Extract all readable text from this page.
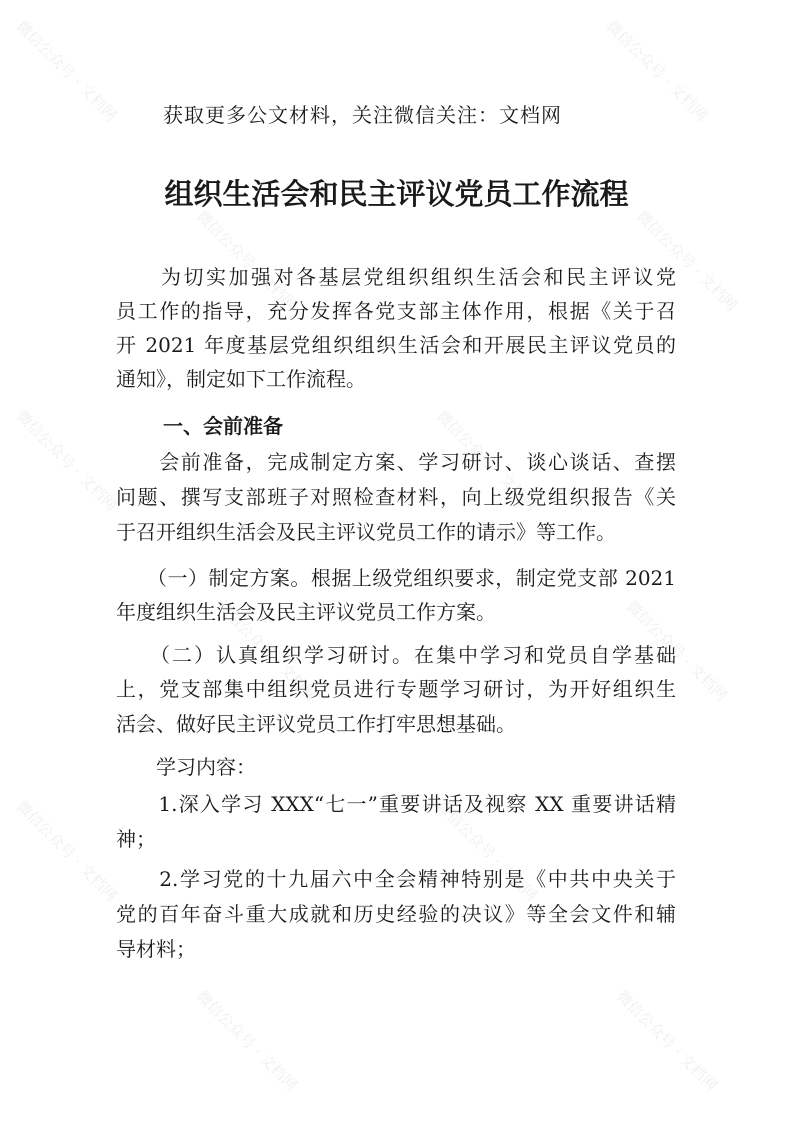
获取更多公文材料，关注微信关注：文档网
组织生活会和民主评议党员工作流程
　　为切实加强对各基层党组织组织生活会和民主评议党
员工作的指导，充分发挥各党支部主体作用，根据《关于召
开 2021 年度基层党组织组织生活会和开展民主评议党员的
通知》，制定如下工作流程。
一、会前准备
　　会前准备，完成制定方案、学习研讨、谈心谈话、查摆
问题、撰写支部班子对照检查材料，向上级党组织报告《关
于召开组织生活会及民主评议党员工作的请示》等工作。
　　（一）制定方案。根据上级党组织要求，制定党支部 2021
年度组织生活会及民主评议党员工作方案。
　　（二）认真组织学习研讨。在集中学习和党员自学基础
上，党支部集中组织党员进行专题学习研讨，为开好组织生
活会、做好民主评议党员工作打牢思想基础。
　　学习内容：
　　1.深入学习 XXX“七一”重要讲话及视察 XX 重要讲话精
神；
　　2.学习党的十九届六中全会精神特别是《中共中央关于
党的百年奋斗重大成就和历史经验的决议》等全会文件和辅
导材料；
微信公众号 · 文档网	微信公众号 · 文档网
微信公众号 · 文档网	微信公众号 · 文档网
微信公众号 · 文档网	微信公众号 · 文档网
微信公众号 · 文档网	微信公众号 · 文档网
微信公众号 · 文档网	微信公众号 · 文档网
微信公众号 · 文档网	微信公众号 · 文档网
